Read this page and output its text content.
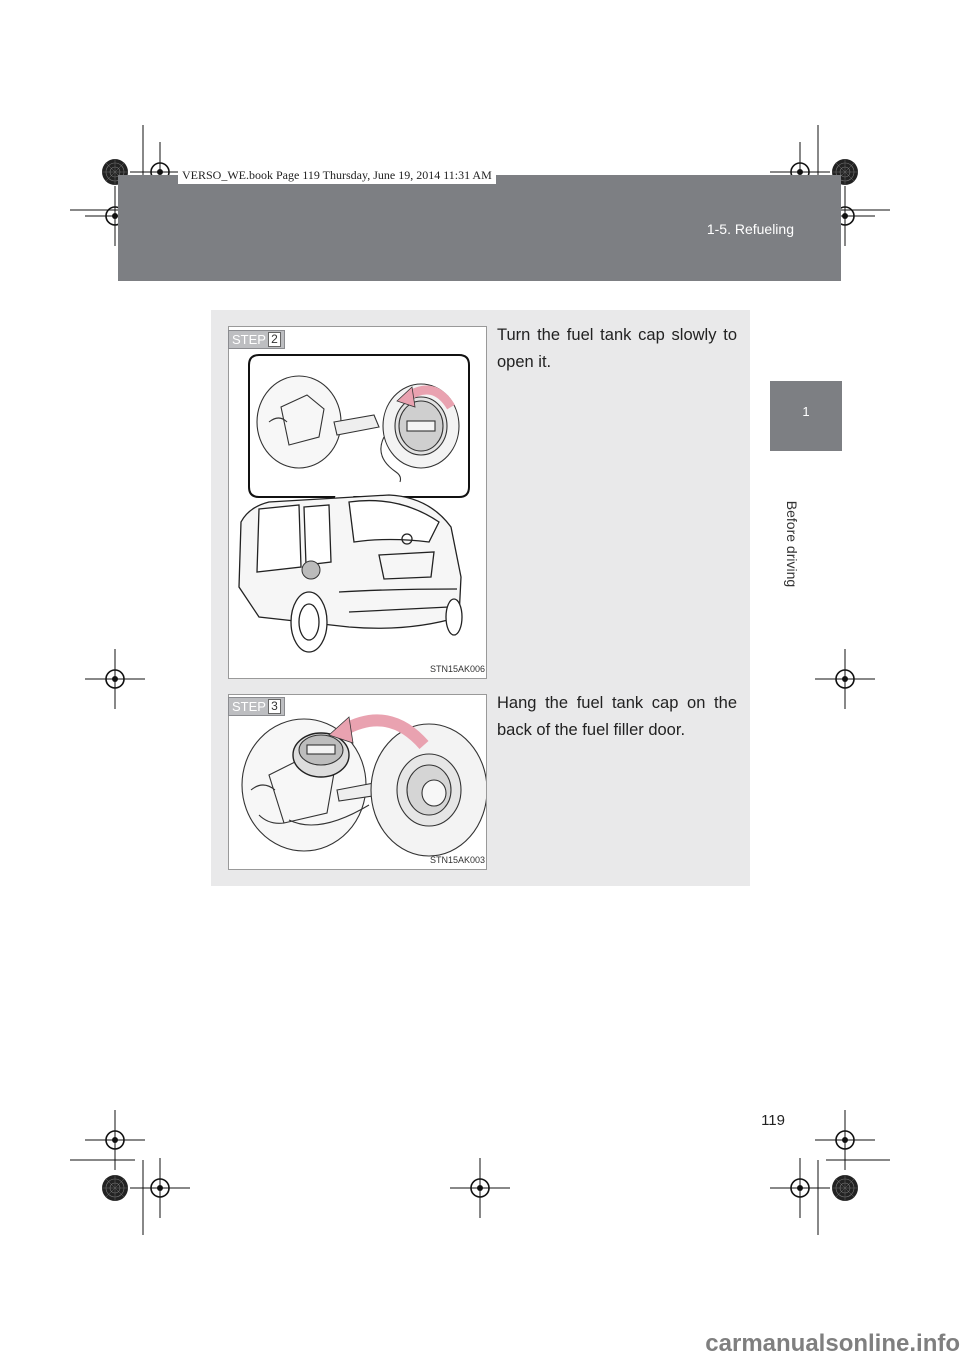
VERSO_WE.book Page 119 Thursday, June 19, 2014 11:31 AM
1-5. Refueling
1
Before driving
STEP 2
STN15AK006
Turn the fuel tank cap slowly to open it.
STEP 3
STN15AK003
Hang the fuel tank cap on the back of the fuel filler door.
119
carmanualsonline.info
